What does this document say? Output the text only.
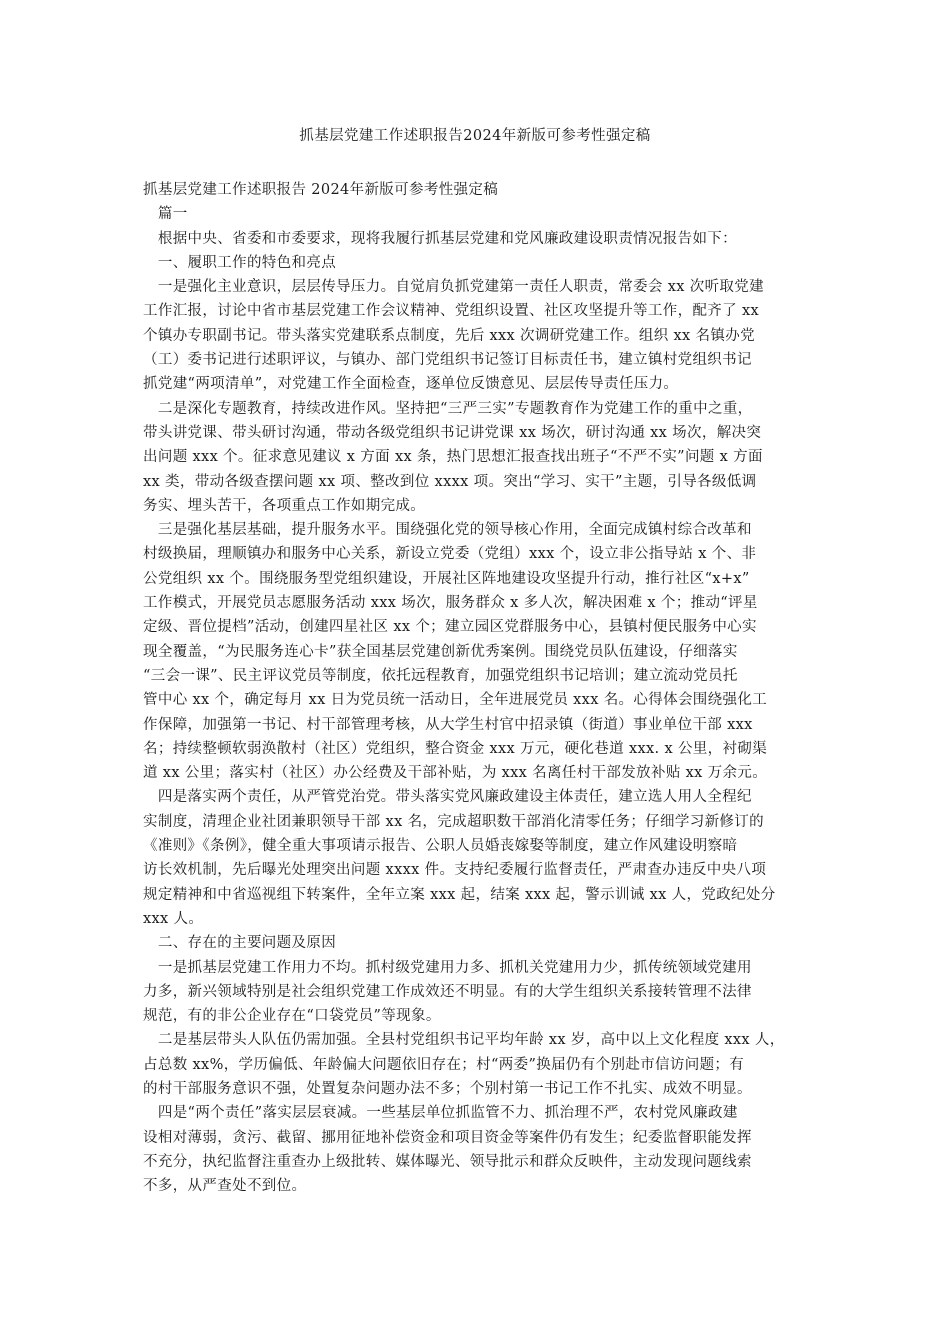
抓基层党建工作述职报告2024年新版可参考性强定稿
抓基层党建工作述职报告 2024年新版可参考性强定稿
　篇一
　根据中央、省委和市委要求，现将我履行抓基层党建和党风廉政建设职责情况报告如下：
　一、履职工作的特色和亮点
　一是强化主业意识，层层传导压力。自觉肩负抓党建第一责任人职责，常委会 xx 次听取党建
工作汇报，讨论中省市基层党建工作会议精神、党组织设置、社区攻坚提升等工作，配齐了 xx
个镇办专职副书记。带头落实党建联系点制度，先后 xxx 次调研党建工作。组织 xx 名镇办党
（工）委书记进行述职评议，与镇办、部门党组织书记签订目标责任书，建立镇村党组织书记
抓党建“两项清单”，对党建工作全面检查，逐单位反馈意见、层层传导责任压力。
　二是深化专题教育，持续改进作风。坚持把“三严三实”专题教育作为党建工作的重中之重，
带头讲党课、带头研讨沟通，带动各级党组织书记讲党课 xx 场次，研讨沟通 xx 场次，解决突
出问题 xxx 个。征求意见建议 x 方面 xx 条，热门思想汇报查找出班子“不严不实”问题 x 方面
xx 类，带动各级查摆问题 xx 项、整改到位 xxxx 项。突出“学习、实干”主题，引导各级低调
务实、埋头苦干，各项重点工作如期完成。
　三是强化基层基础，提升服务水平。围绕强化党的领导核心作用，全面完成镇村综合改革和
村级换届，理顺镇办和服务中心关系，新设立党委（党组）xxx 个，设立非公指导站 x 个、非
公党组织 xx 个。围绕服务型党组织建设，开展社区阵地建设攻坚提升行动，推行社区“x+x”
工作模式，开展党员志愿服务活动 xxx 场次，服务群众 x 多人次，解决困难 x 个；推动“评星
定级、晋位提档”活动，创建四星社区 xx 个；建立园区党群服务中心，县镇村便民服务中心实
现全覆盖，“为民服务连心卡”获全国基层党建创新优秀案例。围绕党员队伍建设，仔细落实
“三会一课”、民主评议党员等制度，依托远程教育，加强党组织书记培训；建立流动党员托
管中心 xx 个，确定每月 xx 日为党员统一活动日，全年进展党员 xxx 名。心得体会围绕强化工
作保障，加强第一书记、村干部管理考核，从大学生村官中招录镇（街道）事业单位干部 xxx
名；持续整顿软弱涣散村（社区）党组织，整合资金 xxx 万元，硬化巷道 xxx. x 公里，衬砌渠
道 xx 公里；落实村（社区）办公经费及干部补贴，为 xxx 名离任村干部发放补贴 xx 万余元。
　四是落实两个责任，从严管党治党。带头落实党风廉政建设主体责任，建立选人用人全程纪
实制度，清理企业社团兼职领导干部 xx 名，完成超职数干部消化清零任务；仔细学习新修订的
《准则》《条例》，健全重大事项请示报告、公职人员婚丧嫁娶等制度，建立作风建设明察暗
访长效机制，先后曝光处理突出问题 xxxx 件。支持纪委履行监督责任，严肃查办违反中央八项
规定精神和中省巡视组下转案件，全年立案 xxx 起，结案 xxx 起，警示训诫 xx 人，党政纪处分
xxx 人。
　二、存在的主要问题及原因
　一是抓基层党建工作用力不均。抓村级党建用力多、抓机关党建用力少，抓传统领域党建用
力多，新兴领域特别是社会组织党建工作成效还不明显。有的大学生组织关系接转管理不法律
规范，有的非公企业存在“口袋党员”等现象。
　二是基层带头人队伍仍需加强。全县村党组织书记平均年龄 xx 岁，高中以上文化程度 xxx 人，
占总数 xx%，学历偏低、年龄偏大问题依旧存在；村“两委”换届仍有个别赴市信访问题；有
的村干部服务意识不强，处置复杂问题办法不多；个别村第一书记工作不扎实、成效不明显。
　四是“两个责任”落实层层衰减。一些基层单位抓监管不力、抓治理不严，农村党风廉政建
设相对薄弱，贪污、截留、挪用征地补偿资金和项目资金等案件仍有发生；纪委监督职能发挥
不充分，执纪监督注重查办上级批转、媒体曝光、领导批示和群众反映件，主动发现问题线索
不多，从严查处不到位。
